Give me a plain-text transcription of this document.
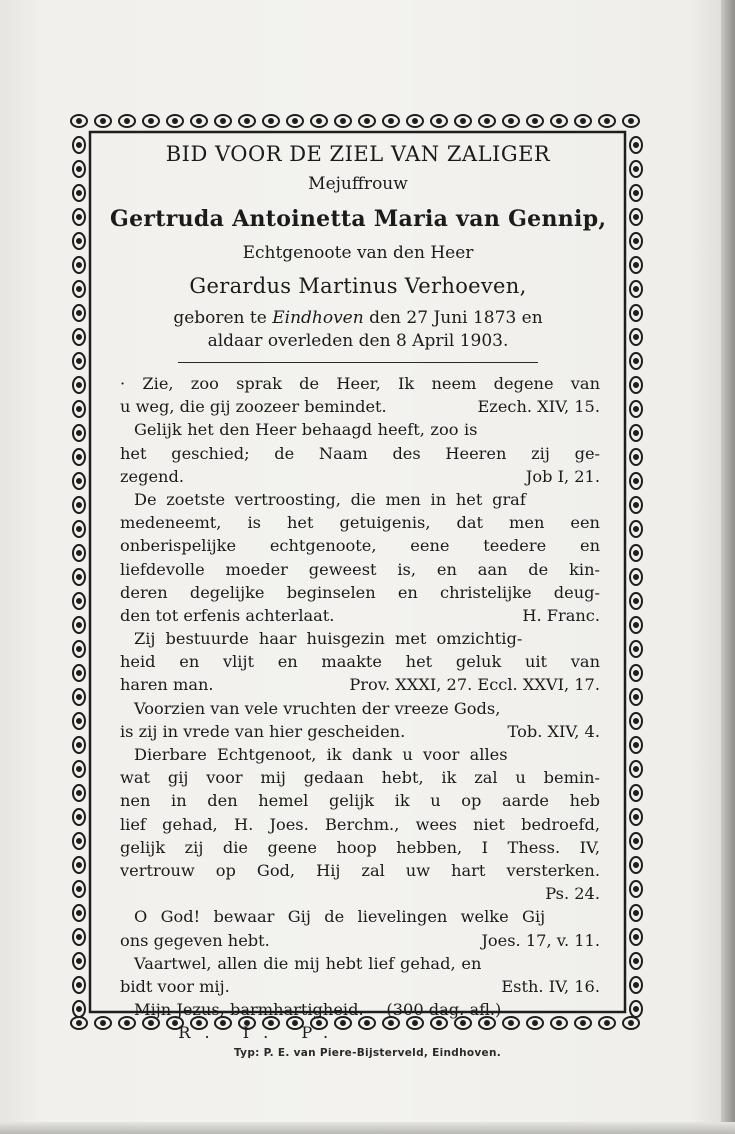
BID VOOR DE ZIEL VAN ZALIGER
Mejuffrouw
Gertruda Antoinetta Maria van Gennip,
Echtgenoote van den Heer
Gerardus Martinus Verhoeven,
geboren te Eindhoven den 27 Juni 1873 en
aldaar overleden den 8 April 1903.
· Zie, zoo sprak de Heer, Ik neem degene van
Ezech. XIV, 15.
u weg, die gij zoozeer bemindet.
Gelijk het den Heer behaagd heeft, zoo is
het geschied; de Naam des Heeren zij ge-
Job I, 21.
zegend.
De zoetste vertroosting, die men in het graf
medeneemt, is het getuigenis, dat men een
onberispelijke echtgenoote, eene teedere en
liefdevolle moeder geweest is, en aan de kin-
deren degelijke beginselen en christelijke deug-
H. Franc.
den tot erfenis achterlaat.
Zij bestuurde haar huisgezin met omzichtig-
heid en vlijt en maakte het geluk uit van
Prov. XXXI, 27. Eccl. XXVI, 17.
haren man.
Voorzien van vele vruchten der vreeze Gods,
Tob. XIV, 4.
is zij in vrede van hier gescheiden.
Dierbare Echtgenoot, ik dank u voor alles
wat gij voor mij gedaan hebt, ik zal u bemin-
nen in den hemel gelijk ik u op aarde heb
lief gehad, H. Joes. Berchm., wees niet bedroefd,
gelijk zij die geene hoop hebben, I Thess. IV,
vertrouw op God, Hij zal uw hart versterken.
Ps. 24.
O God! bewaar Gij de lievelingen welke Gij
Joes. 17, v. 11.
ons gegeven hebt.
Vaartwel, allen die mij hebt lief gehad, en
Esth. IV, 16.
bidt voor mij.
(300 dag. afl.)
Mijn Jezus, barmhartigheid.
R. I. P.
Typ: P. E. van Piere-Bijsterveld, Eindhoven.
